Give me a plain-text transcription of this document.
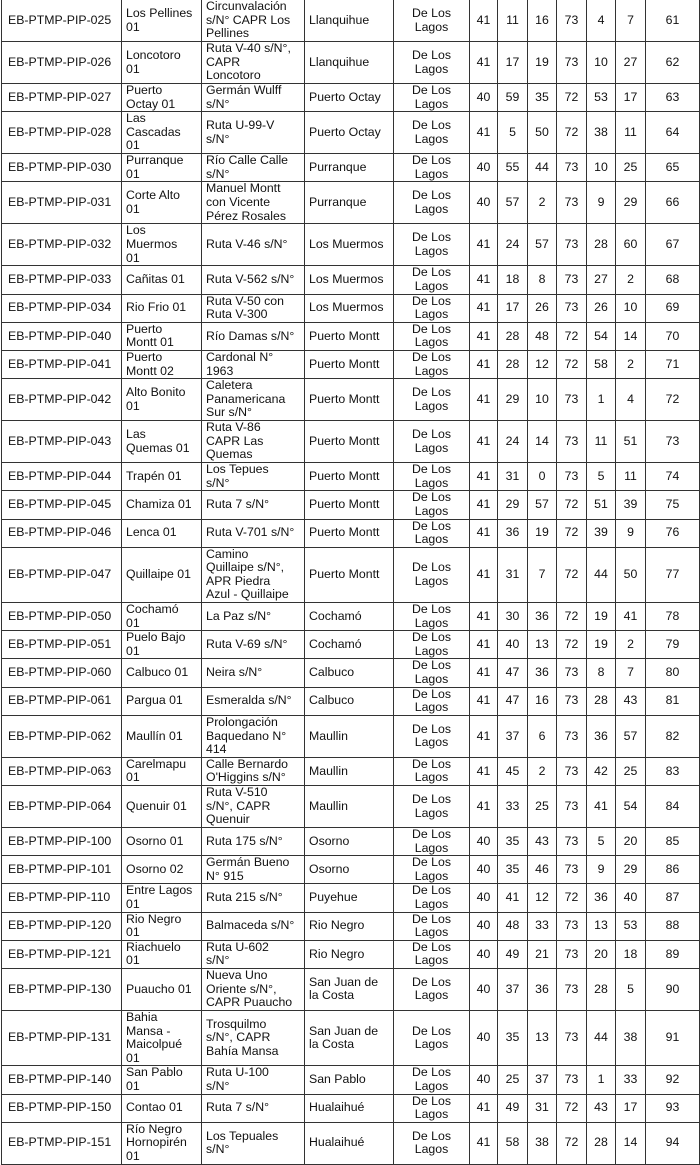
EB-PTMP-PIP-025	Los Pellines
01	Circunvalación
s/N° CAPR Los
Pellines	Llanquihue	De Los
Lagos	41	11	16	73	4	7	61
EB-PTMP-PIP-026	Loncotoro
01	Ruta V-40 s/N°,
CAPR
Loncotoro	Llanquihue	De Los
Lagos	41	17	19	73	10	27	62
EB-PTMP-PIP-027	Puerto
Octay 01	Germán Wulff
s/N°	Puerto Octay	De Los
Lagos	40	59	35	72	53	17	63
EB-PTMP-PIP-028	Las
Cascadas
01	Ruta U-99-V
s/N°	Puerto Octay	De Los
Lagos	41	5	50	72	38	11	64
EB-PTMP-PIP-030	Purranque
01	Río Calle Calle
s/N°	Purranque	De Los
Lagos	40	55	44	73	10	25	65
EB-PTMP-PIP-031	Corte Alto
01	Manuel Montt
con Vicente
Pérez Rosales	Purranque	De Los
Lagos	40	57	2	73	9	29	66
EB-PTMP-PIP-032	Los
Muermos
01	Ruta V-46 s/N°	Los Muermos	De Los
Lagos	41	24	57	73	28	60	67
EB-PTMP-PIP-033	Cañitas 01	Ruta V-562 s/N°	Los Muermos	De Los
Lagos	41	18	8	73	27	2	68
EB-PTMP-PIP-034	Rio Frio 01	Ruta V-50 con
Ruta V-300	Los Muermos	De Los
Lagos	41	17	26	73	26	10	69
EB-PTMP-PIP-040	Puerto
Montt 01	Río Damas s/N°	Puerto Montt	De Los
Lagos	41	28	48	72	54	14	70
EB-PTMP-PIP-041	Puerto
Montt 02	Cardonal N°
1963	Puerto Montt	De Los
Lagos	41	28	12	72	58	2	71
EB-PTMP-PIP-042	Alto Bonito
01	Caletera
Panamericana
Sur s/N°	Puerto Montt	De Los
Lagos	41	29	10	73	1	4	72
EB-PTMP-PIP-043	Las
Quemas 01	Ruta V-86
CAPR Las
Quemas	Puerto Montt	De Los
Lagos	41	24	14	73	11	51	73
EB-PTMP-PIP-044	Trapén 01	Los Tepues
s/N°	Puerto Montt	De Los
Lagos	41	31	0	73	5	11	74
EB-PTMP-PIP-045	Chamiza 01	Ruta 7 s/N°	Puerto Montt	De Los
Lagos	41	29	57	72	51	39	75
EB-PTMP-PIP-046	Lenca 01	Ruta V-701 s/N°	Puerto Montt	De Los
Lagos	41	36	19	72	39	9	76
EB-PTMP-PIP-047	Quillaipe 01	Camino
Quillaipe s/N°,
APR Piedra
Azul - Quillaipe	Puerto Montt	De Los
Lagos	41	31	7	72	44	50	77
EB-PTMP-PIP-050	Cochamó
01	La Paz s/N°	Cochamó	De Los
Lagos	41	30	36	72	19	41	78
EB-PTMP-PIP-051	Puelo Bajo
01	Ruta V-69 s/N°	Cochamó	De Los
Lagos	41	40	13	72	19	2	79
EB-PTMP-PIP-060	Calbuco 01	Neira s/N°	Calbuco	De Los
Lagos	41	47	36	73	8	7	80
EB-PTMP-PIP-061	Pargua 01	Esmeralda s/N°	Calbuco	De Los
Lagos	41	47	16	73	28	43	81
EB-PTMP-PIP-062	Maullín 01	Prolongación
Baquedano N°
414	Maullin	De Los
Lagos	41	37	6	73	36	57	82
EB-PTMP-PIP-063	Carelmapu
01	Calle Bernardo
O'Higgins s/N°	Maullin	De Los
Lagos	41	45	2	73	42	25	83
EB-PTMP-PIP-064	Quenuir 01	Ruta V-510
s/N°, CAPR
Quenuir	Maullin	De Los
Lagos	41	33	25	73	41	54	84
EB-PTMP-PIP-100	Osorno 01	Ruta 175 s/N°	Osorno	De Los
Lagos	40	35	43	73	5	20	85
EB-PTMP-PIP-101	Osorno 02	Germán Bueno
N° 915	Osorno	De Los
Lagos	40	35	46	73	9	29	86
EB-PTMP-PIP-110	Entre Lagos
01	Ruta 215 s/N°	Puyehue	De Los
Lagos	40	41	12	72	36	40	87
EB-PTMP-PIP-120	Rio Negro
01	Balmaceda s/N°	Rio Negro	De Los
Lagos	40	48	33	73	13	53	88
EB-PTMP-PIP-121	Riachuelo
01	Ruta U-602
s/N°	Rio Negro	De Los
Lagos	40	49	21	73	20	18	89
EB-PTMP-PIP-130	Puaucho 01	Nueva Uno
Oriente s/N°,
CAPR Puaucho	San Juan de
la Costa	De Los
Lagos	40	37	36	73	28	5	90
EB-PTMP-PIP-131	Bahia
Mansa -
Maicolpué
01	Trosquilmo
s/N°, CAPR
Bahía Mansa	San Juan de
la Costa	De Los
Lagos	40	35	13	73	44	38	91
EB-PTMP-PIP-140	San Pablo
01	Ruta U-100
s/N°	San Pablo	De Los
Lagos	40	25	37	73	1	33	92
EB-PTMP-PIP-150	Contao 01	Ruta 7 s/N°	Hualaihué	De Los
Lagos	41	49	31	72	43	17	93
EB-PTMP-PIP-151	Río Negro
Hornopirén
01	Los Tepuales
s/N°	Hualaihué	De Los
Lagos	41	58	38	72	28	14	94
